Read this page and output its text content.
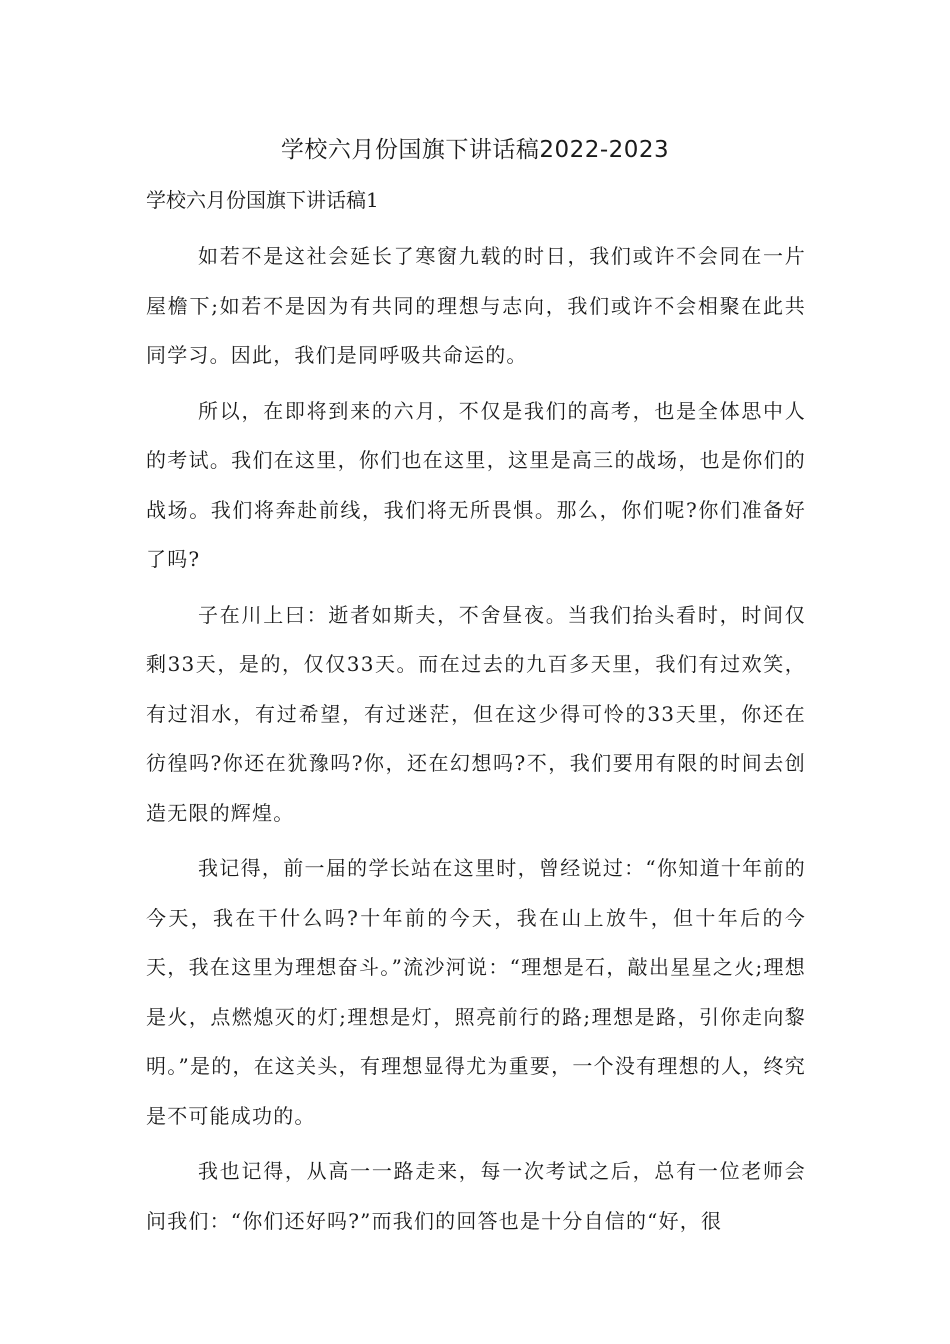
学校六月份国旗下讲话稿2022-2023

学校六月份国旗下讲话稿1

如若不是这社会延长了寒窗九载的时日，我们或许不会同在一片屋檐下;如若不是因为有共同的理想与志向，我们或许不会相聚在此共同学习。因此，我们是同呼吸共命运的。

所以，在即将到来的六月，不仅是我们的高考，也是全体思中人的考试。我们在这里，你们也在这里，这里是高三的战场，也是你们的战场。我们将奔赴前线，我们将无所畏惧。那么，你们呢?你们准备好了吗?

子在川上曰：逝者如斯夫，不舍昼夜。当我们抬头看时，时间仅剩33天，是的，仅仅33天。而在过去的九百多天里，我们有过欢笑，有过泪水，有过希望，有过迷茫，但在这少得可怜的33天里，你还在彷徨吗?你还在犹豫吗?你，还在幻想吗?不，我们要用有限的时间去创造无限的辉煌。

我记得，前一届的学长站在这里时，曾经说过：“你知道十年前的今天，我在干什么吗?十年前的今天，我在山上放牛，但十年后的今天，我在这里为理想奋斗。”流沙河说：“理想是石，敲出星星之火;理想是火，点燃熄灭的灯;理想是灯，照亮前行的路;理想是路，引你走向黎明。”是的，在这关头，有理想显得尤为重要，一个没有理想的人，终究是不可能成功的。

我也记得，从高一一路走来，每一次考试之后，总有一位老师会问我们：“你们还好吗?”而我们的回答也是十分自信的“好，很
